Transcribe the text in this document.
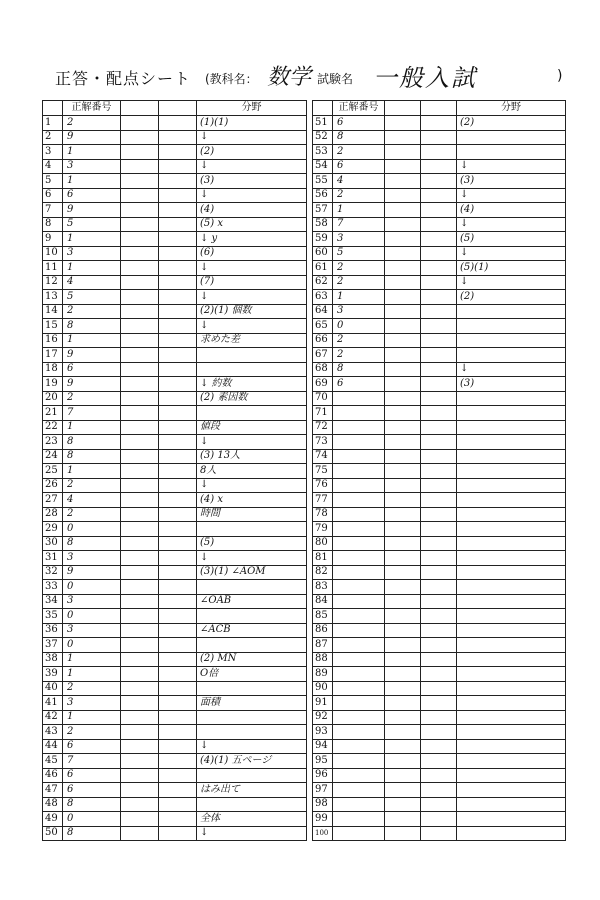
正答・配点シート (教科名： 数学 試験名 一般入試	)
	正解番号			分野
1	2			(1)(1)
2	9			↓
3	1			(2)
4	3			↓
5	1			(3)
6	6			↓
7	9			(4)
8	5			(5) x
9	1			↓ y
10	3			(6)
11	1			↓
12	4			(7)
13	5			↓
14	2			(2)(1) 個数
15	8			↓
16	1			求めた差
17	9			
18	6			
19	9			↓ 約数
20	2			(2) 素因数
21	7			
22	1			値段
23	8			↓
24	8			(3) 13人
25	1			8人
26	2			↓
27	4			(4) x
28	2			時間
29	0			
30	8			(5)
31	3			↓
32	9			(3)(1) ∠AOM
33	0			
34	3			∠OAB
35	0			
36	3			∠ACB
37	0			
38	1			(2) MN
39	1			O倍
40	2			
41	3			面積
42	1			
43	2			
44	6			↓
45	7			(4)(1) 五ページ
46	6			
47	6			はみ出て
48	8			
49	0			全体
50	8			↓
	正解番号			分野
51	6			(2)
52	8			
53	2			
54	6			↓
55	4			(3)
56	2			↓
57	1			(4)
58	7			↓
59	3			(5)
60	5			↓
61	2			(5)(1)
62	2			↓
63	1			(2)
64	3			
65	0			
66	2			
67	2			
68	8			↓
69	6			(3)
70				
71				
72				
73				
74				
75				
76				
77				
78				
79				
80				
81				
82				
83				
84				
85				
86				
87				
88				
89				
90				
91				
92				
93				
94				
95				
96				
97				
98				
99				
100				
